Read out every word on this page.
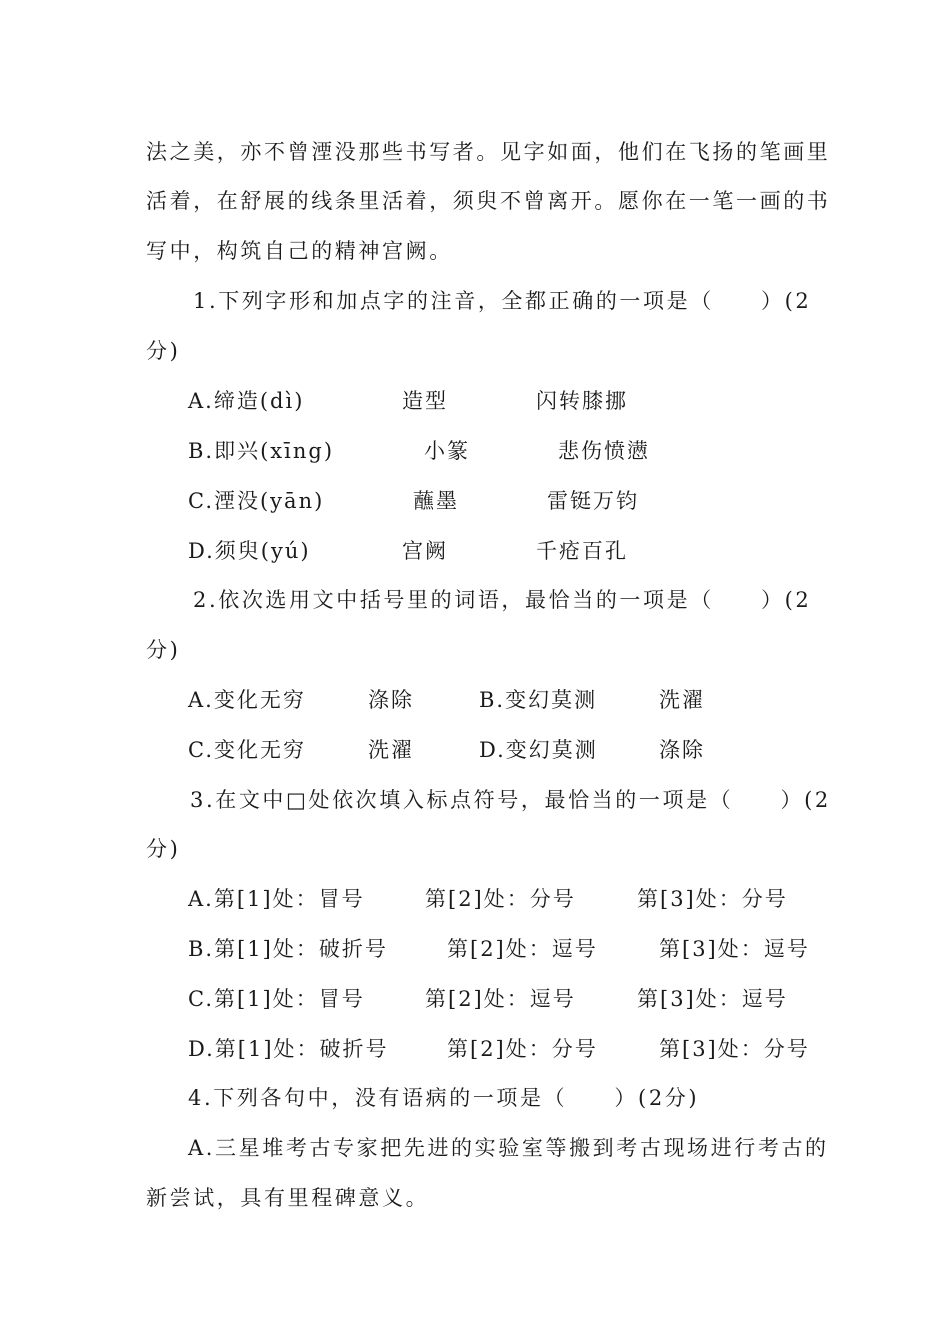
法之美，亦不曾湮没那些书写者。见字如面，他们在飞扬的笔画里
活着，在舒展的线条里活着，须臾不曾离开。愿你在一笔一画的书
写中，构筑自己的精神宫阙。
1.下列字形和加点字的注音，全都正确的一项是（　　）(2
分)
A.缔造(dì)	造型	闪转膝挪
B.即兴(xīng)	小篆	悲伤愤懑
C.湮没(yān)	蘸墨	雷铤万钧
D.须臾(yú)	宫阙	千疮百孔
2.依次选用文中括号里的词语，最恰当的一项是（　　）(2
分)
A.变化无穷	涤除	B.变幻莫测	洗濯
C.变化无穷	洗濯	D.变幻莫测	涤除
3.在文中□处依次填入标点符号，最恰当的一项是（　　）(2
分)
A.第[1]处：冒号	第[2]处：分号	第[3]处：分号
B.第[1]处：破折号	第[2]处：逗号	第[3]处：逗号
C.第[1]处：冒号	第[2]处：逗号	第[3]处：逗号
D.第[1]处：破折号	第[2]处：分号	第[3]处：分号
4.下列各句中，没有语病的一项是（　　）(2分)
A.三星堆考古专家把先进的实验室等搬到考古现场进行考古的
新尝试，具有里程碑意义。
